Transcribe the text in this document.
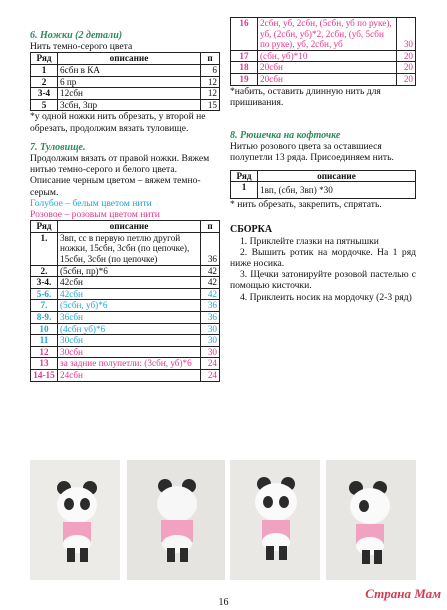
6. Ножки (2 детали)

Нить темно-серого цвета

Ряд	описание	п
1	6сбн в КА	6
2	6 пр	12
3-4	12сбн	12
5	3сбн, 3пр	15

*у одной ножки нить обрезать, у второй не обрезать, продолжим вязать туловище.

7. Туловище.

Продолжим вязать от правой ножки. Вяжем нитью темно-серого и белого цвета.

Описание черным цветом – вяжем темно-серым.

Голубое – белым цветом нити

Розовое – розовым цветом нити

Ряд	описание	п
1.	3вп, сс в первую петлю другой ножки, 15сбн, 3сбн (по цепочке), 15сбн, 3сбн (по цепочке)	36
2.	(5сбн, пр)*6	42
3-4.	42сбн	42
5-6.	42сбн	42
7.	(5сбн, уб)*6	36
8-9.	36сбн	36
10	(4сбн уб)*6	30
11	30сбн	30
12	30сбн	30
13	за задние полупетли: (3сбн, уб)*6	24
14-15	24сбн	24
16	2сбн, уб, 2сбн, (5сбн, уб по руке), уб, (2сбн, уб)*2, 2сбн, (уб, 5сбн по руке), уб, 2сбн, уб	30
17	(сбн, уб)*10	20
18	20сбн	20
19	20сбн	20

*набить, оставить длинную нить для пришивания.

8. Рюшечка на кофточке

Нитью розового цвета за оставшиеся полупетли 13 ряда. Присоединяем нить.

Ряд	описание
1	1вп, (сбн, 3вп) *30

* нить обрезать, закрепить, спрятать.

СБОРКА

1. Приклейте глазки на пятнышки

2. Вышить ротик на мордочке. На 1 ряд ниже носика.

3. Щечки затонируйте розовой пастелью с помощью кисточки.

4. Приклеить носик на мордочку (2-3 ряд)

16
Страна Мам
